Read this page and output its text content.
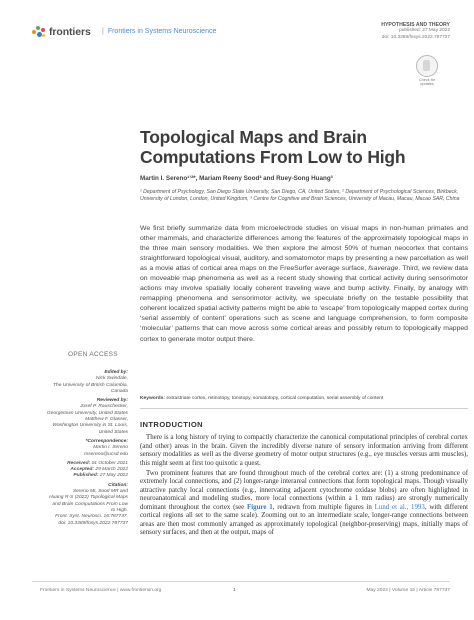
frontiers | Frontiers in Systems Neuroscience
HYPOTHESIS AND THEORY
published: 27 May 2022
doi: 10.3389/fnsys.2022.787737
Check for
updates
Topological Maps and Brain Computations From Low to High
Martin I. Sereno¹ʼ²*, Mariam Reeny Sood² and Ruey-Song Huang³
¹ Department of Psychology, San Diego State University, San Diego, CA, United States, ² Department of Psychological Sciences, Birkbeck, University of London, London, United Kingdom, ³ Centre for Cognitive and Brain Sciences, University of Macau, Macau, Macao SAR, China
We first briefly summarize data from microelectrode studies on visual maps in non-human primates and other mammals, and characterize differences among the features of the approximately topological maps in the three main sensory modalities. We then explore the almost 50% of human neocortex that contains straightforward topological visual, auditory, and somatomotor maps by presenting a new parcellation as well as a movie atlas of cortical area maps on the FreeSurfer average surface, fsaverage. Third, we review data on moveable map phenomena as well as a recent study showing that cortical activity during sensorimotor actions may involve spatially locally coherent traveling wave and bump activity. Finally, by analogy with remapping phenomena and sensorimotor activity, we speculate briefly on the testable possibility that coherent localized spatial activity patterns might be able to ‘escape’ from topologically mapped cortex during ‘serial assembly of content’ operations such as scene and language comprehension, to form composite ‘molecular’ patterns that can move across some cortical areas and possibly return to topologically mapped cortex to generate motor output there.
Keywords: extrastriate cortex, retinotopy, tonotopy, somatotopy, cortical computation, serial assembly of content
OPEN ACCESS
Edited by:
Nick Swindale,
The University of British Columbia,
Canada
Reviewed by:
Josef P. Rauschecker,
Georgetown University, United States
Matthew F. Glasser,
Washington University in St. Louis,
United States
*Correspondence:
Martin I. Sereno
msereno@ucsd.edu
Received: 01 October 2021
Accepted: 29 March 2022
Published: 27 May 2022
Citation:
Sereno MI, Sood MR and
Huang R-S (2022) Topological Maps
and Brain Computations From Low
to High.
Front. Syst. Neurosci. 16:787737.
doi: 10.3389/fnsys.2022.787737
INTRODUCTION

There is a long history of trying to compactly characterize the canonical computational principles of cerebral cortex (and other) areas in the brain. Given the incredibly diverse nature of sensory information arriving from different sensory modalities as well as the diverse geometry of motor output structures (e.g., eye muscles versus arm muscles), this might seem at first too quixotic a quest.

Two prominent features that are found throughout much of the cerebral cortex are: (1) a strong predominance of extremely local connections, and (2) longer-range interareal connections that form topological maps. Though visually attractive patchy local connections (e.g., innervating adjacent cytochrome oxidase blobs) are often highlighted in neuroanatomical and modeling studies, more local connections (within a 1 mm radius) are strongly numerically dominant throughout the cortex (see Figure 1, redrawn from multiple figures in Lund et al., 1993, with different cortical regions all set to the same scale). Zooming out to an intermediate scale, longer-range connections between areas are then most commonly arranged as approximately topological (neighbor-preserving) maps, initially maps of sensory surfaces, and then at the output, maps of

Frontiers in Systems Neuroscience | www.frontiersin.org	1	May 2022 | Volume 16 | Article 787737
